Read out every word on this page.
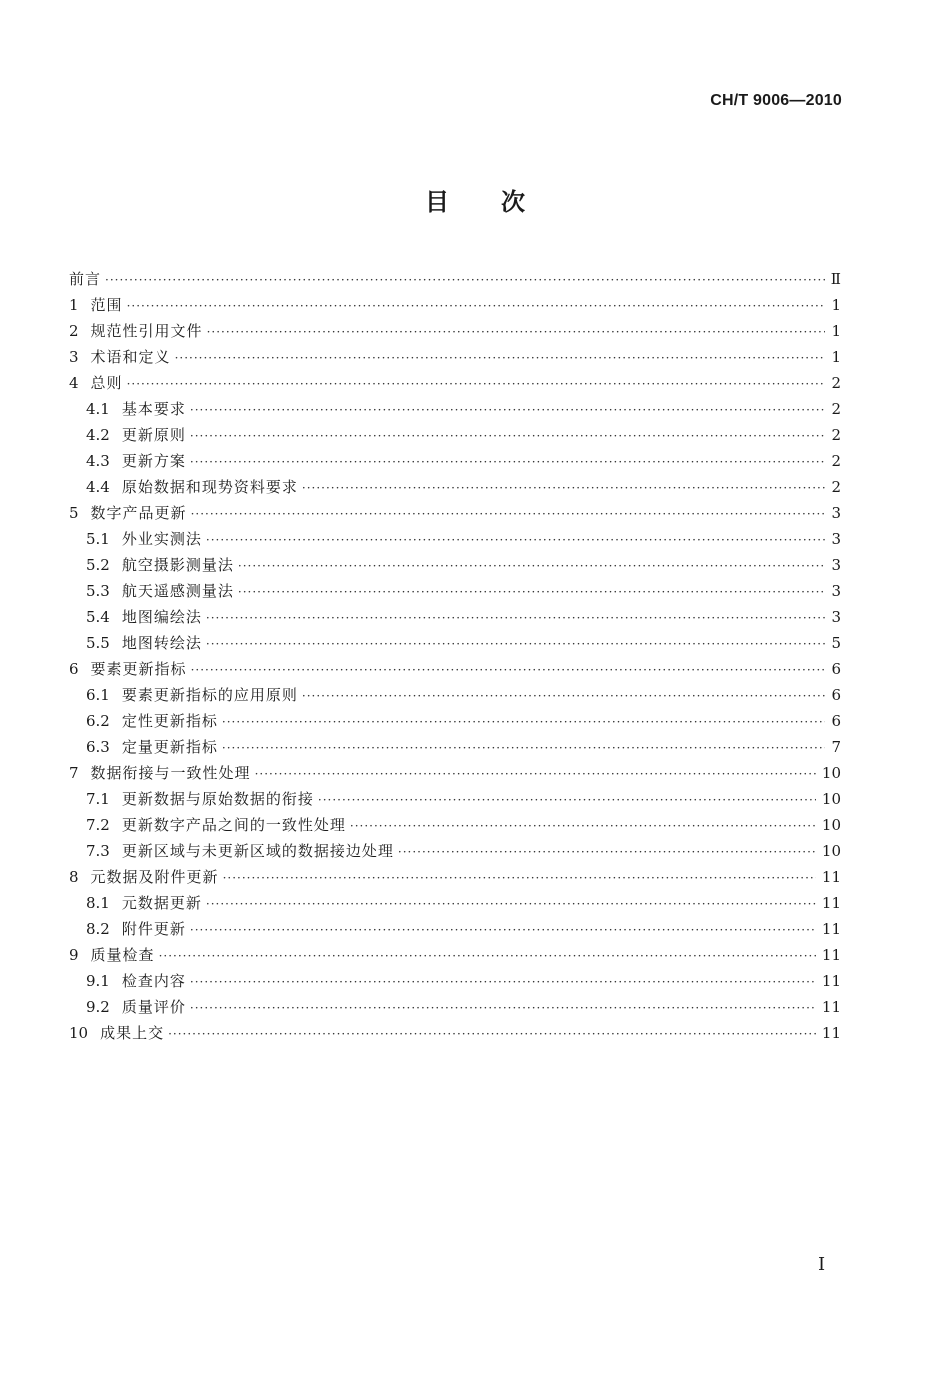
CH/T 9006—2010
目次
前言 ·····	Ⅱ
1 范围 ·····	1
2 规范性引用文件 ·····	1
3 术语和定义 ·····	1
4 总则 ·····	2
4.1 基本要求 ·····	2
4.2 更新原则 ·····	2
4.3 更新方案 ·····	2
4.4 原始数据和现势资料要求 ·····	2
5 数字产品更新 ·····	3
5.1 外业实测法 ·····	3
5.2 航空摄影测量法 ·····	3
5.3 航天遥感测量法 ·····	3
5.4 地图编绘法 ·····	3
5.5 地图转绘法 ·····	5
6 要素更新指标 ·····	6
6.1 要素更新指标的应用原则 ·····	6
6.2 定性更新指标 ·····	6
6.3 定量更新指标 ·····	7
7 数据衔接与一致性处理 ·····	10
7.1 更新数据与原始数据的衔接 ·····	10
7.2 更新数字产品之间的一致性处理 ·····	10
7.3 更新区域与未更新区域的数据接边处理 ·····	10
8 元数据及附件更新 ·····	11
8.1 元数据更新 ·····	11
8.2 附件更新 ·····	11
9 质量检查 ·····	11
9.1 检查内容 ·····	11
9.2 质量评价 ·····	11
10 成果上交 ·····	11
I
